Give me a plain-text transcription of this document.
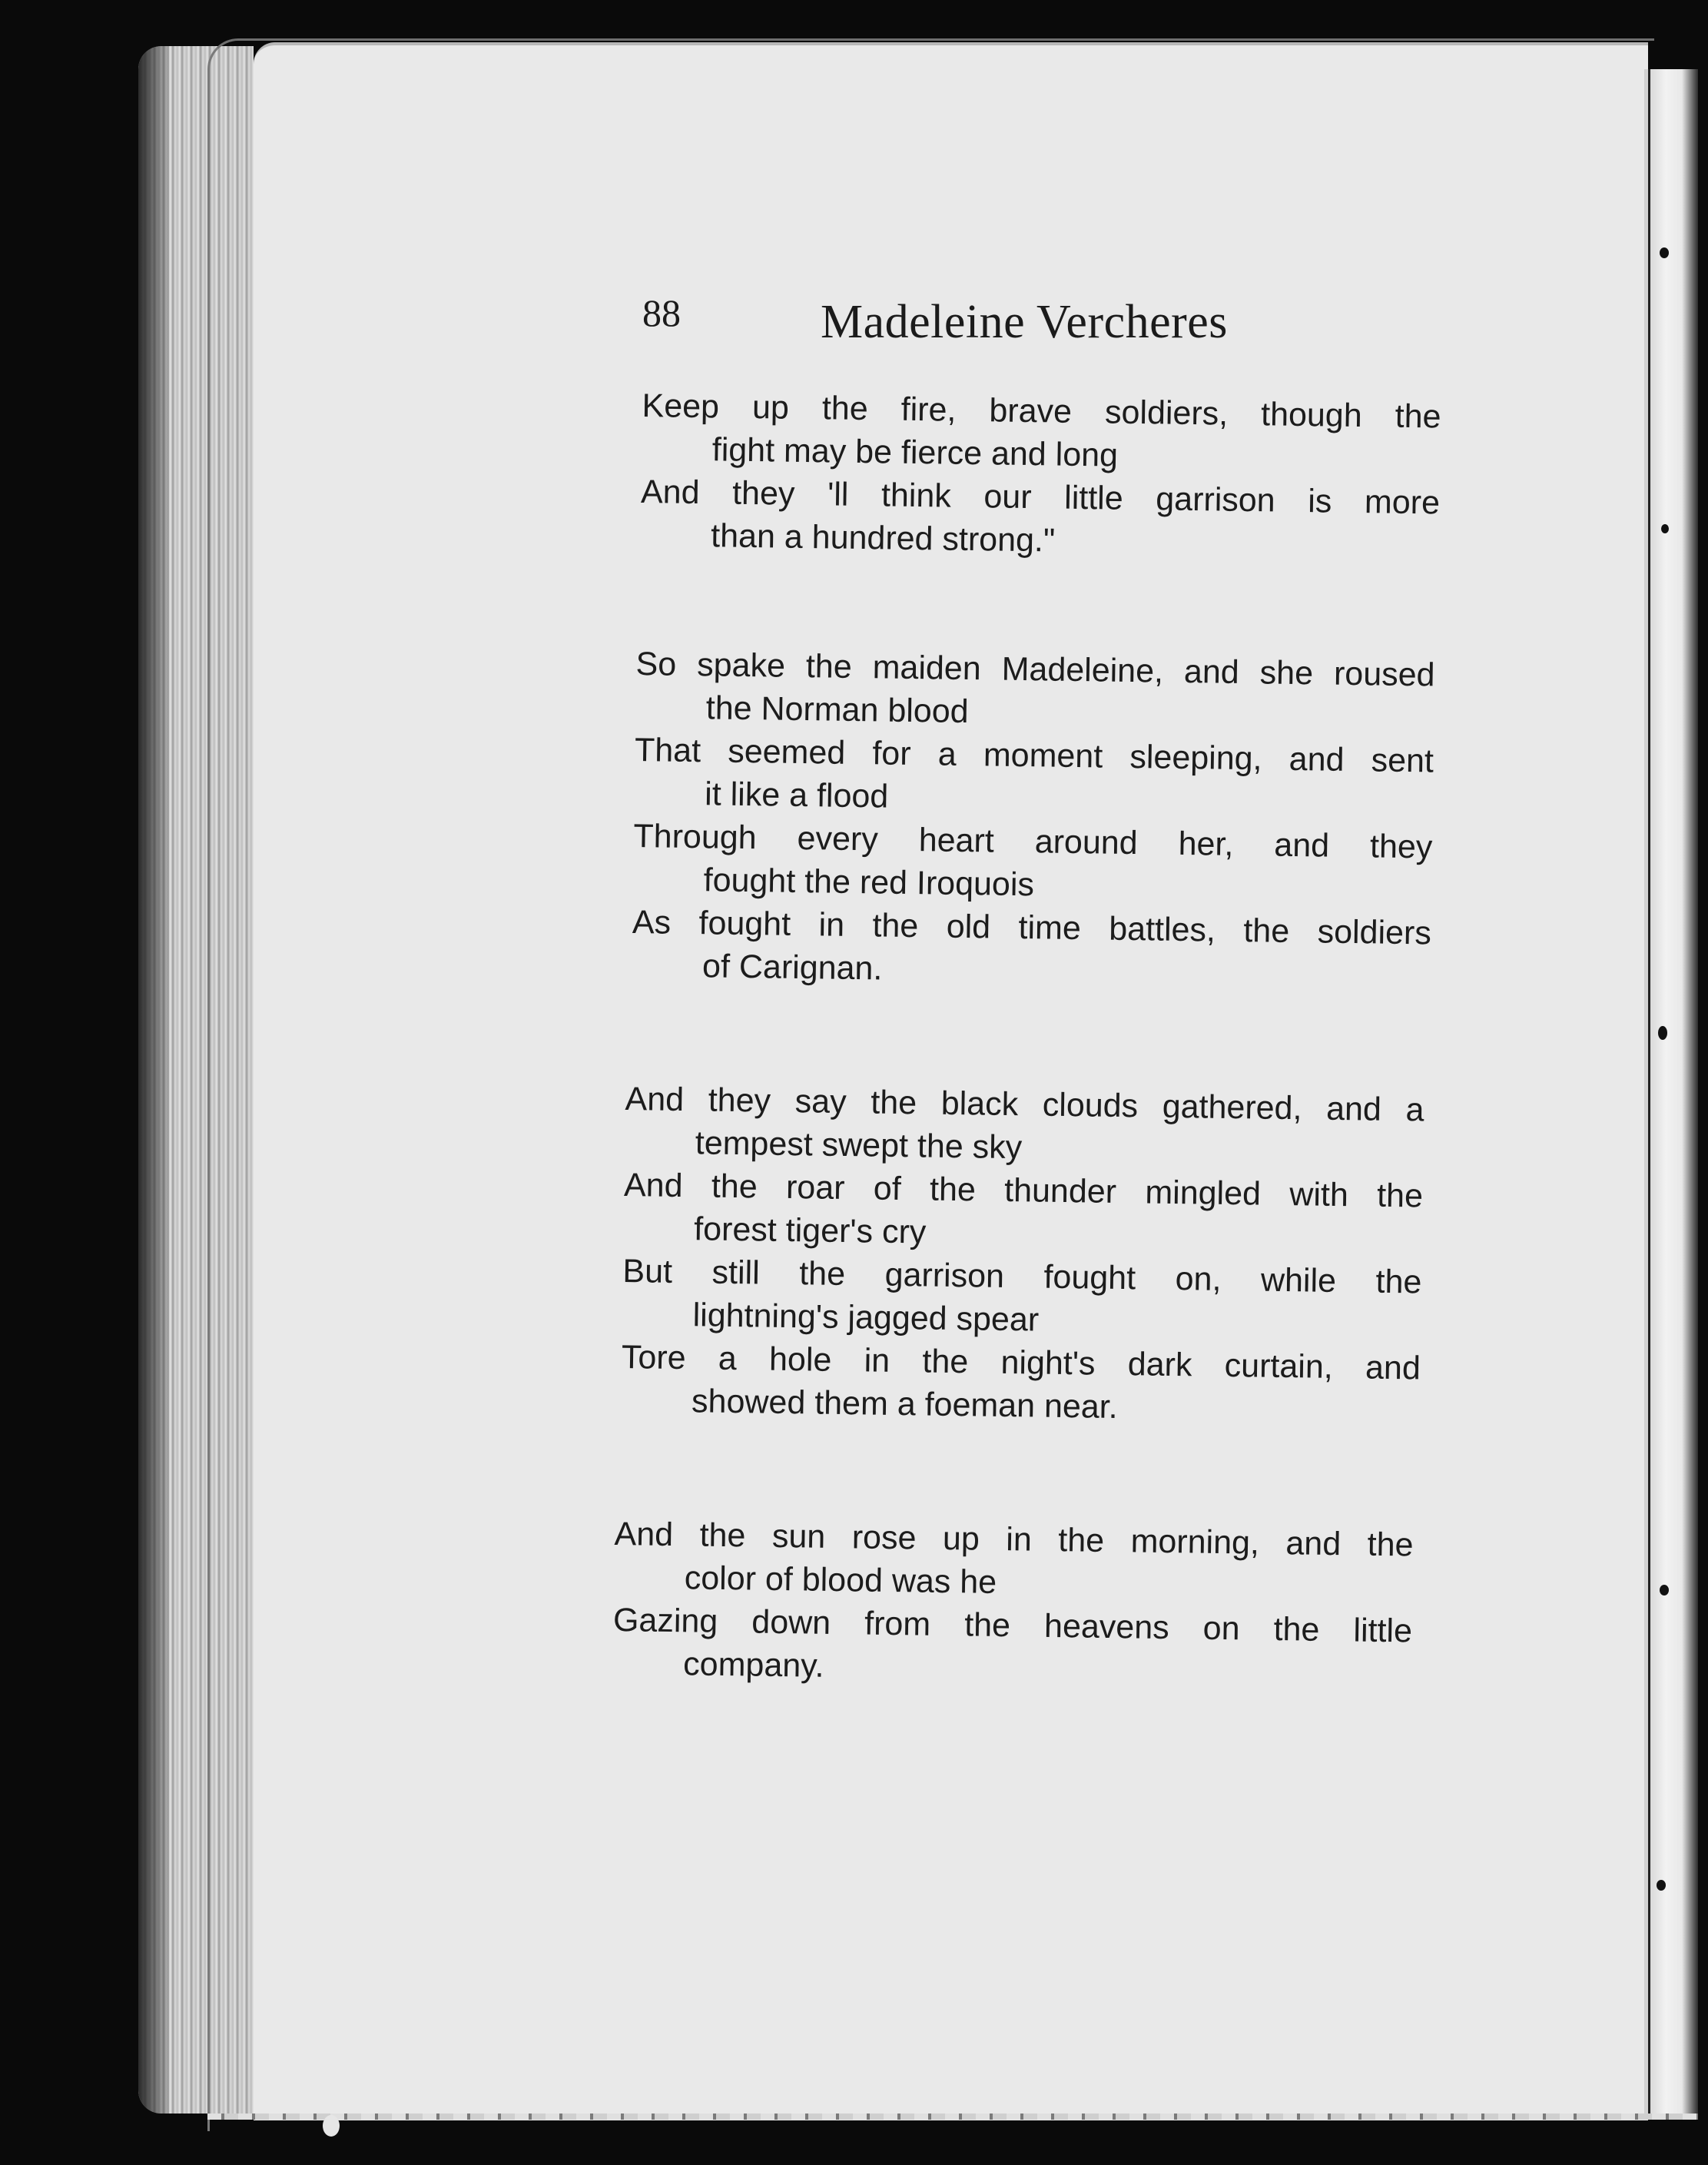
88	Madeleine Vercheres
Keep up the fire, brave soldiers, though the
fight may be fierce and long
And they 'll think our little garrison is more
than a hundred strong."
So spake the maiden Madeleine, and she roused
the Norman blood
That seemed for a moment sleeping, and sent
it like a flood
Through every heart around her, and they
fought the red Iroquois
As fought in the old time battles, the soldiers
of Carignan.
And they say the black clouds gathered, and a
tempest swept the sky
And the roar of the thunder mingled with the
forest tiger's cry
But still the garrison fought on, while the
lightning's jagged spear
Tore a hole in the night's dark curtain, and
showed them a foeman near.
And the sun rose up in the morning, and the
color of blood was he
Gazing down from the heavens on the little
company.
